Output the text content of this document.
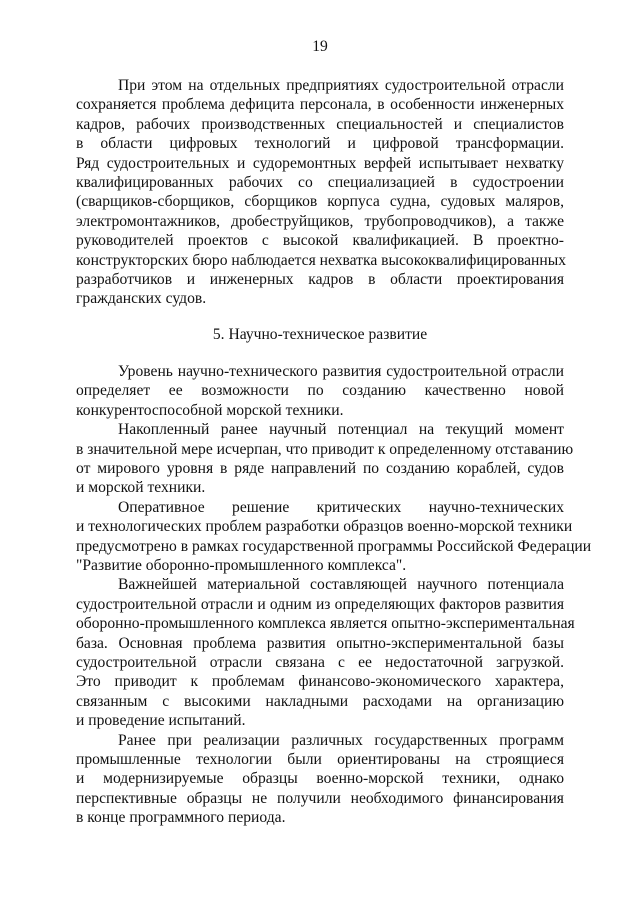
19
При этом на отдельных предприятиях судостроительной отрасли
сохраняется проблема дефицита персонала, в особенности инженерных
кадров, рабочих производственных специальностей и специалистов
в области цифровых технологий и цифровой трансформации.
Ряд судостроительных и судоремонтных верфей испытывает нехватку
квалифицированных рабочих со специализацией в судостроении
(сварщиков-сборщиков, сборщиков корпуса судна, судовых маляров,
электромонтажников, дробеструйщиков, трубопроводчиков), а также
руководителей проектов с высокой квалификацией. В проектно-
конструкторских бюро наблюдается нехватка высококвалифицированных
разработчиков и инженерных кадров в области проектирования
гражданских судов.
5. Научно-техническое развитие
Уровень научно-технического развития судостроительной отрасли
определяет ее возможности по созданию качественно новой
конкурентоспособной морской техники.
Накопленный ранее научный потенциал на текущий момент
в значительной мере исчерпан, что приводит к определенному отставанию
от мирового уровня в ряде направлений по созданию кораблей, судов
и морской техники.
Оперативное решение критических научно-технических
и технологических проблем разработки образцов военно-морской техники
предусмотрено в рамках государственной программы Российской Федерации
"Развитие оборонно-промышленного комплекса".
Важнейшей материальной составляющей научного потенциала
судостроительной отрасли и одним из определяющих факторов развития
оборонно-промышленного комплекса является опытно-экспериментальная
база. Основная проблема развития опытно-экспериментальной базы
судостроительной отрасли связана с ее недостаточной загрузкой.
Это приводит к проблемам финансово-экономического характера,
связанным с высокими накладными расходами на организацию
и проведение испытаний.
Ранее при реализации различных государственных программ
промышленные технологии были ориентированы на строящиеся
и модернизируемые образцы военно-морской техники, однако
перспективные образцы не получили необходимого финансирования
в конце программного периода.
